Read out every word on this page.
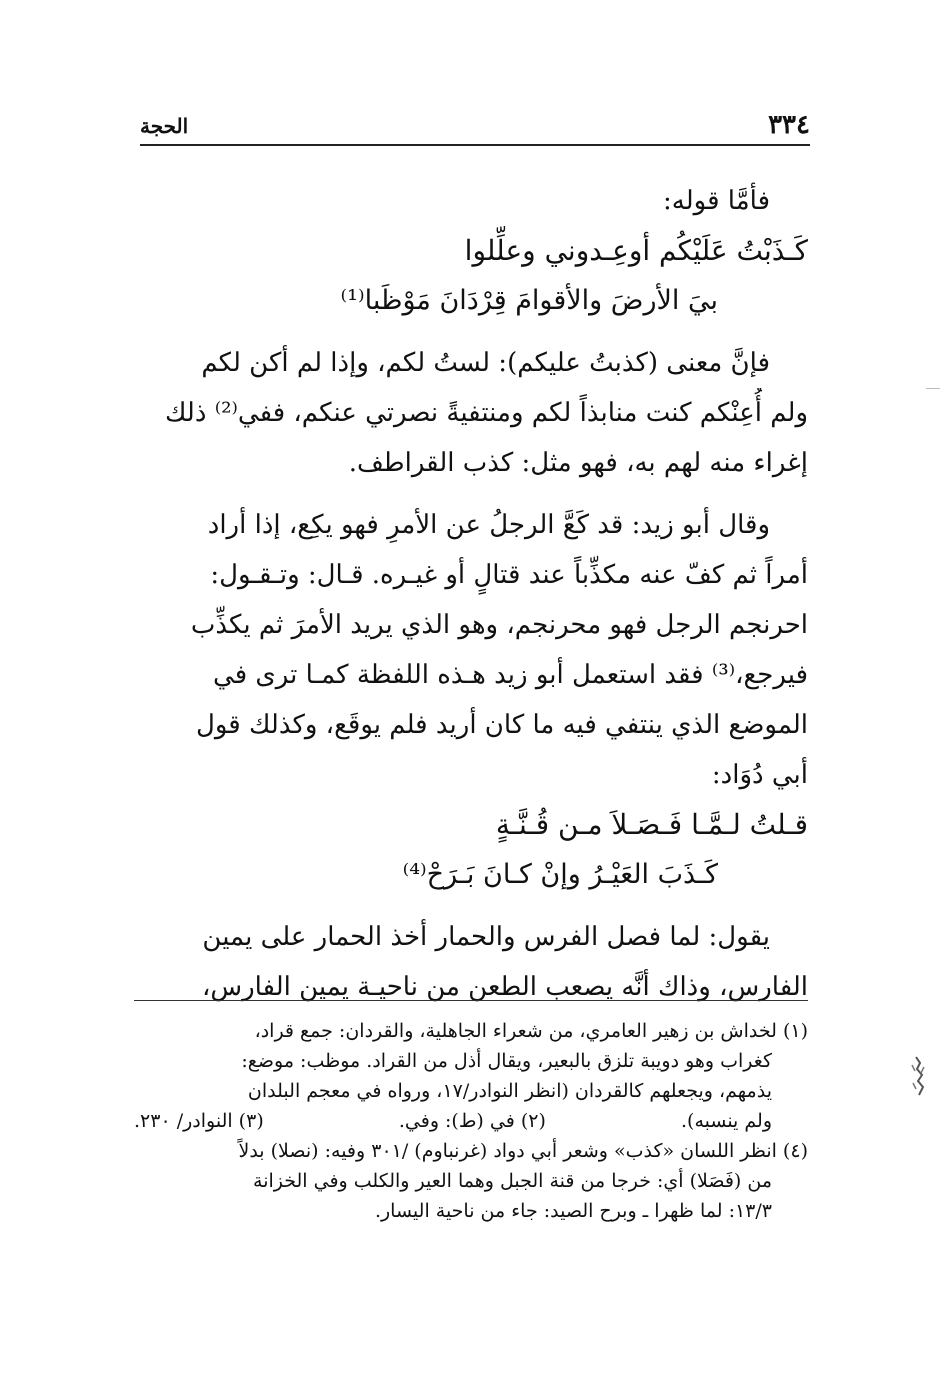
٣٣٤
الحجة
فأمَّا قوله:
كَـذَبْتُ عَلَيْكُم أوعِـدوني وعلِّلوا
بيَ الأرضَ والأقوامَ قِرْدَانَ مَوْظَبا⁽¹⁾
فإنَّ معنى (كذبتُ عليكم): لستُ لكم، وإذا لم أكن لكم
ولم أُعِنْكم كنت منابذاً لكم ومنتفيةً نصرتي عنكم، ففي⁽²⁾ ذلك
إغراء منه لهم به، فهو مثل: كذب القراطف.
وقال أبو زيد: قد كَعَّ الرجلُ عن الأمرِ فهو يكِع، إذا أراد
أمراً ثم كفّ عنه مكذِّباً عند قتالٍ أو غيـره. قـال: وتـقـول:
احرنجم الرجل فهو محرنجم، وهو الذي يريد الأمرَ ثم يكذِّب
فيرجع،⁽³⁾ فقد استعمل أبو زيد هـذه اللفظة كمـا ترى في
الموضع الذي ينتفي فيه ما كان أريد فلم يوقَع، وكذلك قول
أبي دُوَاد:
قـلتُ لـمَّـا فَـصَـلاَ مـن قُـنَّـةٍ
كَـذَبَ العَيْـرُ وإنْ كـانَ بَـرَحْ⁽⁴⁾
يقول: لما فصل الفرس والحمار أخذ الحمار على يمين
الفارس، وذاك أنَّه يصعب الطعن من ناحيـة يمين الفارس،
(١) لخداش بن زهير العامري، من شعراء الجاهلية، والقردان: جمع قراد،
كغراب وهو دويبة تلزق بالبعير، ويقال أذل من القراد. موظب: موضع:
يذمهم، ويجعلهم كالقردان (انظر النوادر/١٧، ورواه في معجم البلدان
ولم ينسبه).
(٢) في (ط): وفي.
(٣) النوادر/ ٢٣٠.
(٤) انظر اللسان «كذب» وشعر أبي دواد (غرنباوم) /٣٠١ وفيه: (نصلا) بدلاً
من (فَصَلا) أي: خرجا من قنة الجبل وهما العير والكلب وفي الخزانة
١٣/٣: لما ظهرا ـ وبرح الصيد: جاء من ناحية اليسار.
